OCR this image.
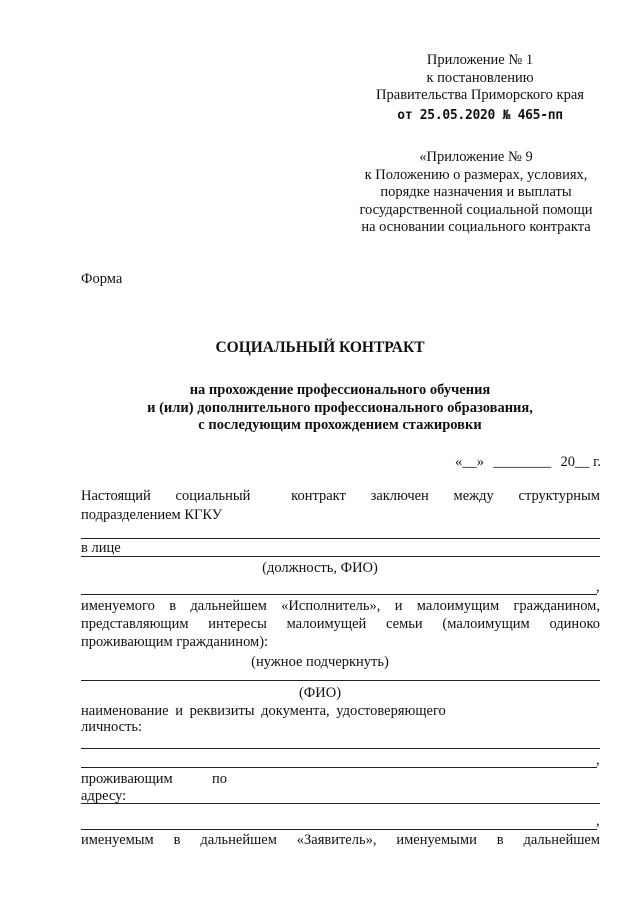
Приложение № 1
к постановлению
Правительства Приморского края
от 25.05.2020 № 465-пп
«Приложение № 9
к Положению о размерах, условиях,
порядке назначения и выплаты
государственной социальной помощи
на основании социального контракта
Форма
СОЦИАЛЬНЫЙ КОНТРАКТ
на прохождение профессионального обучения
и (или) дополнительного профессионального образования,
с последующим прохождением стажировки
«__» ________ 20__ г.
Настоящий социальный	контракт заключен между структурным
подразделением КГКУ
в лице
(должность, ФИО)
,
именуемого в дальнейшем «Исполнитель», и малоимущим гражданином,
представляющим интересы малоимущей семьи (малоимущим одиноко
проживающим гражданином):
(нужное подчеркнуть)
(ФИО)
наименование и реквизиты документа, удостоверяющего
личность:
,
проживающим	по
адресу:
,
именуемым в дальнейшем «Заявитель», именуемыми в дальнейшем
